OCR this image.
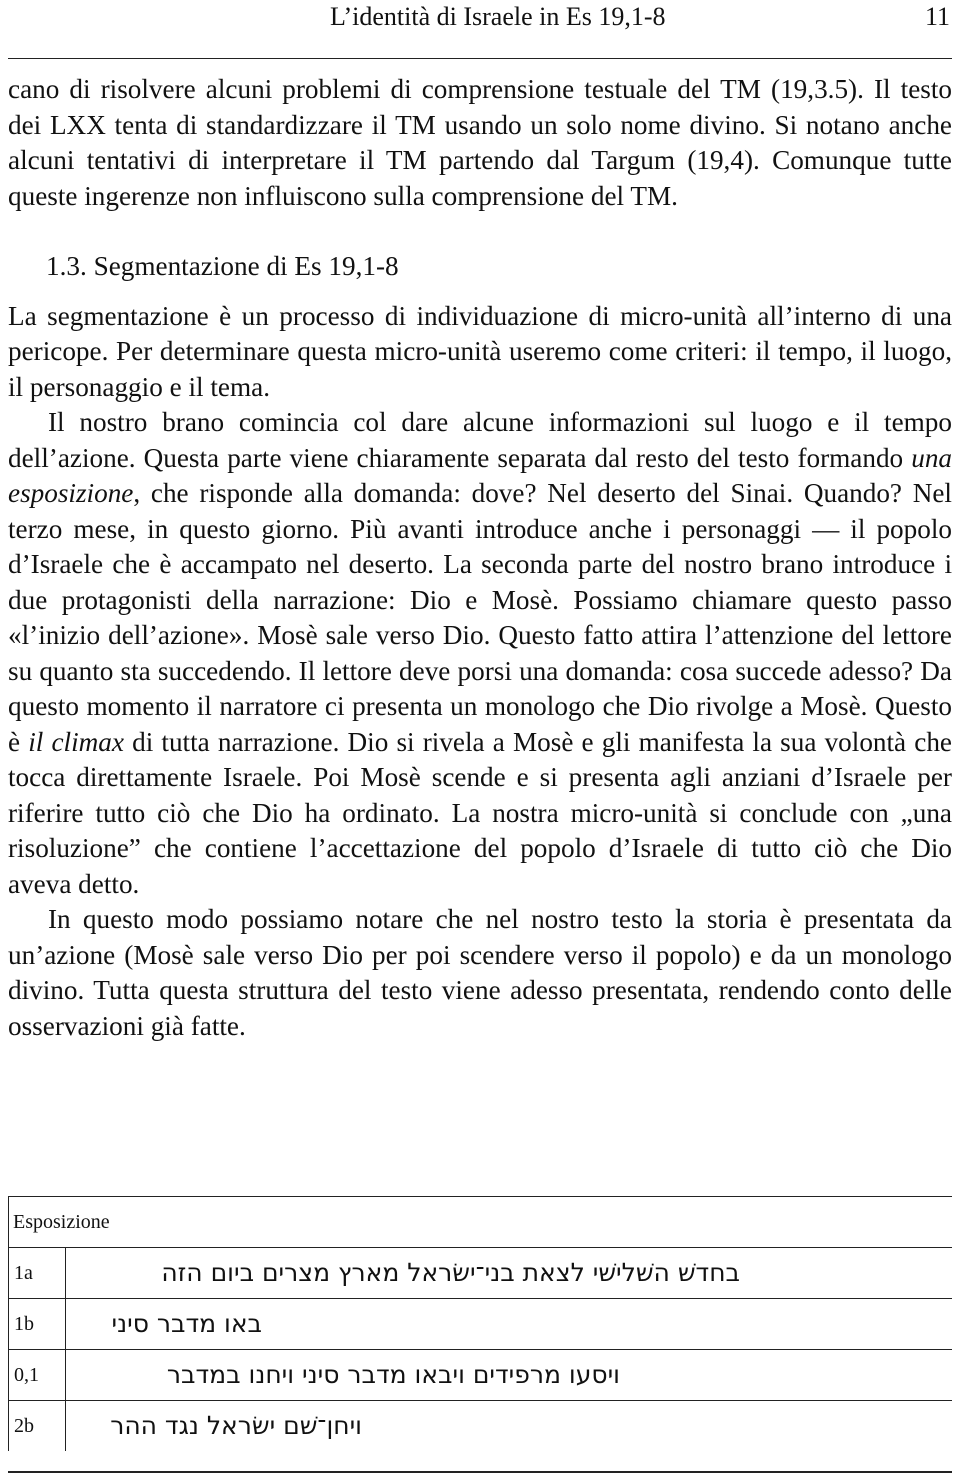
L’identità di Israele in Es 19,1-8	11

cano di risolvere alcuni problemi di comprensione testuale del TM (19,3.5). Il testo dei LXX tenta di standardizzare il TM usando un solo nome divino. Si notano anche alcuni tentativi di interpretare il TM partendo dal Targum (19,4). Comunque tutte queste ingerenze non influiscono sulla comprensione del TM.

1.3. Segmentazione di Es 19,1-8

La segmentazione è un processo di individuazione di micro-unità all’interno di una pericope. Per determinare questa micro-unità useremo come criteri: il tempo, il luogo, il personaggio e il tema.

Il nostro brano comincia col dare alcune informazioni sul luogo e il tempo dell’azione. Questa parte viene chiaramente separata dal resto del testo formando una esposizione, che risponde alla domanda: dove? Nel deserto del Sinai. Quando? Nel terzo mese, in questo giorno. Più avanti introduce anche i personaggi — il popolo d’Israele che è accampato nel deserto. La seconda parte del nostro brano introduce i due protagonisti della narrazione: Dio e Mosè. Possiamo chiamare questo passo «l’inizio dell’azione». Mosè sale verso Dio. Questo fatto attira l’attenzione del lettore su quanto sta succedendo. Il lettore deve porsi una domanda: cosa succede adesso? Da questo momento il narratore ci presenta un monologo che Dio rivolge a Mosè. Questo è il climax di tutta narrazione. Dio si rivela a Mosè e gli manifesta la sua volontà che tocca direttamente Israele. Poi Mosè scende e si presenta agli anziani d’Israele per riferire tutto ciò che Dio ha ordinato. La nostra micro-unità si conclude con „una risoluzione” che contiene l’accettazione del popolo d’Israele di tutto ciò che Dio aveva detto.

In questo modo possiamo notare che nel nostro testo la storia è presentata da un’azione (Mosè sale verso Dio per poi scendere verso il popolo) e da un monologo divino. Tutta questa struttura del testo viene adesso presentata, rendendo conto delle osservazioni già fatte.

Esposizione
1a	בחדשׁ השׁלישׁי לצאת בני־ישׂראל מארץ מצרים ביום הזה
1b	באו מדבר סיני
0,1	ויסעו מרפידים ויבאו מדבר סיני ויחנו במדבר
2b	ויחן־שׁם ישׂראל נגד ההר
